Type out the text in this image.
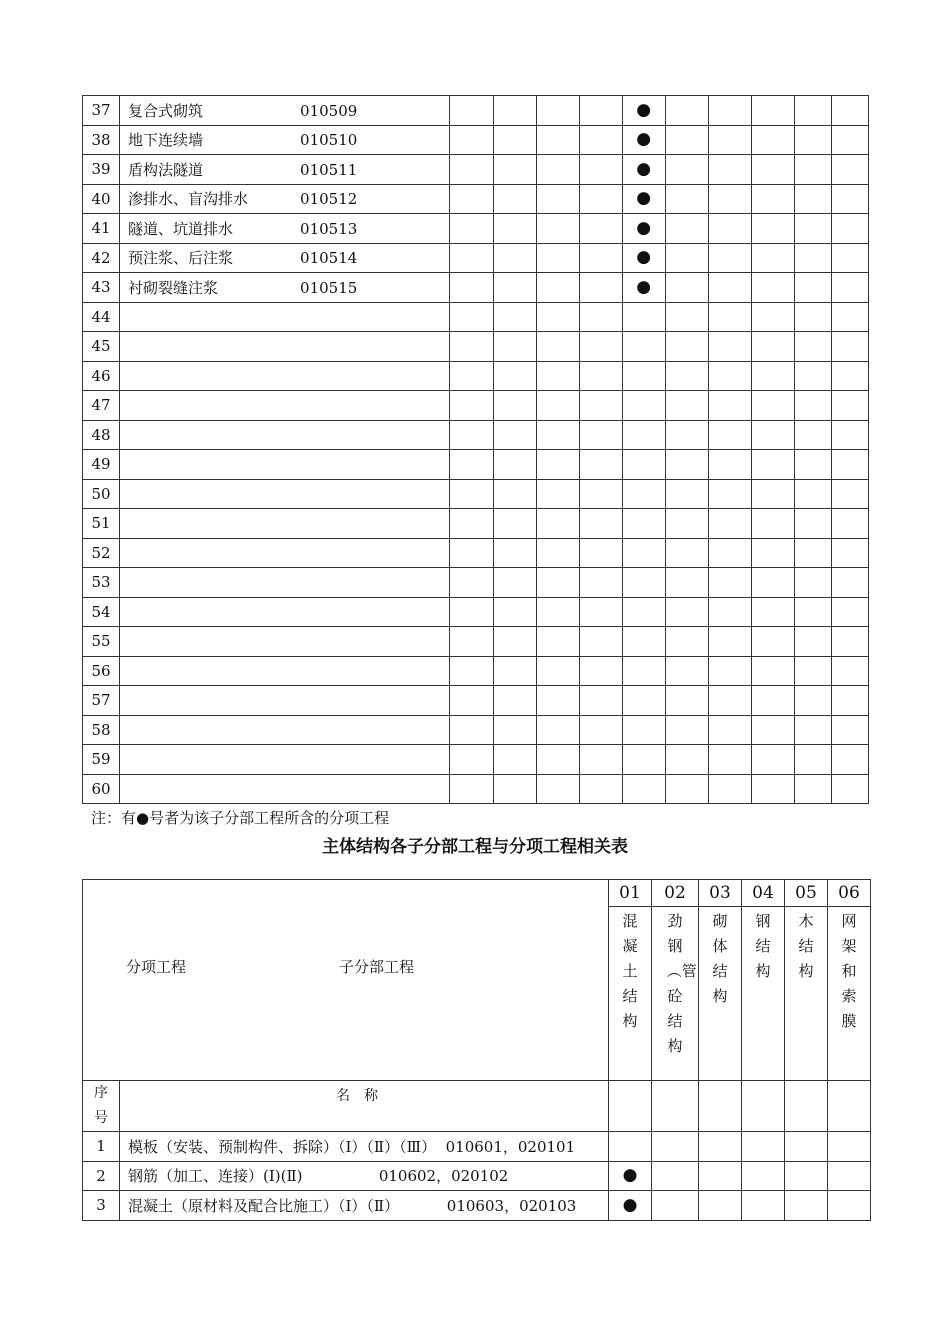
37	复合式砌筑 010509					●					
38	地下连续墙 010510					●					
39	盾构法隧道 010511					●					
40	渗排水、盲沟排水 010512					●					
41	隧道、坑道排水 010513					●					
42	预注浆、后注浆 010514					●					
43	衬砌裂缝注浆 010515					●					
44											
45											
46											
47											
48											
49											
50											
51											
52											
53											
54											
55											
56											
57											
58											
59											
60											
注：有●号者为该子分部工程所含的分项工程
主体结构各子分部工程与分项工程相关表
分项工程 子分部工程		01	02	03	04	05	06

		混凝土结构	劲钢︵管砼结构	砌体结构	钢结构	木结构	网架和索膜

序号	名称						
1	模板（安装、预制构件、拆除）（Ⅰ）（Ⅱ）（Ⅲ）  010601，020101						
2	钢筋（加工、连接）(Ⅰ)(Ⅱ)                010602，020102	●					
3	混凝土（原材料及配合比施工）（Ⅰ）（Ⅱ）          010603，020103	●					
